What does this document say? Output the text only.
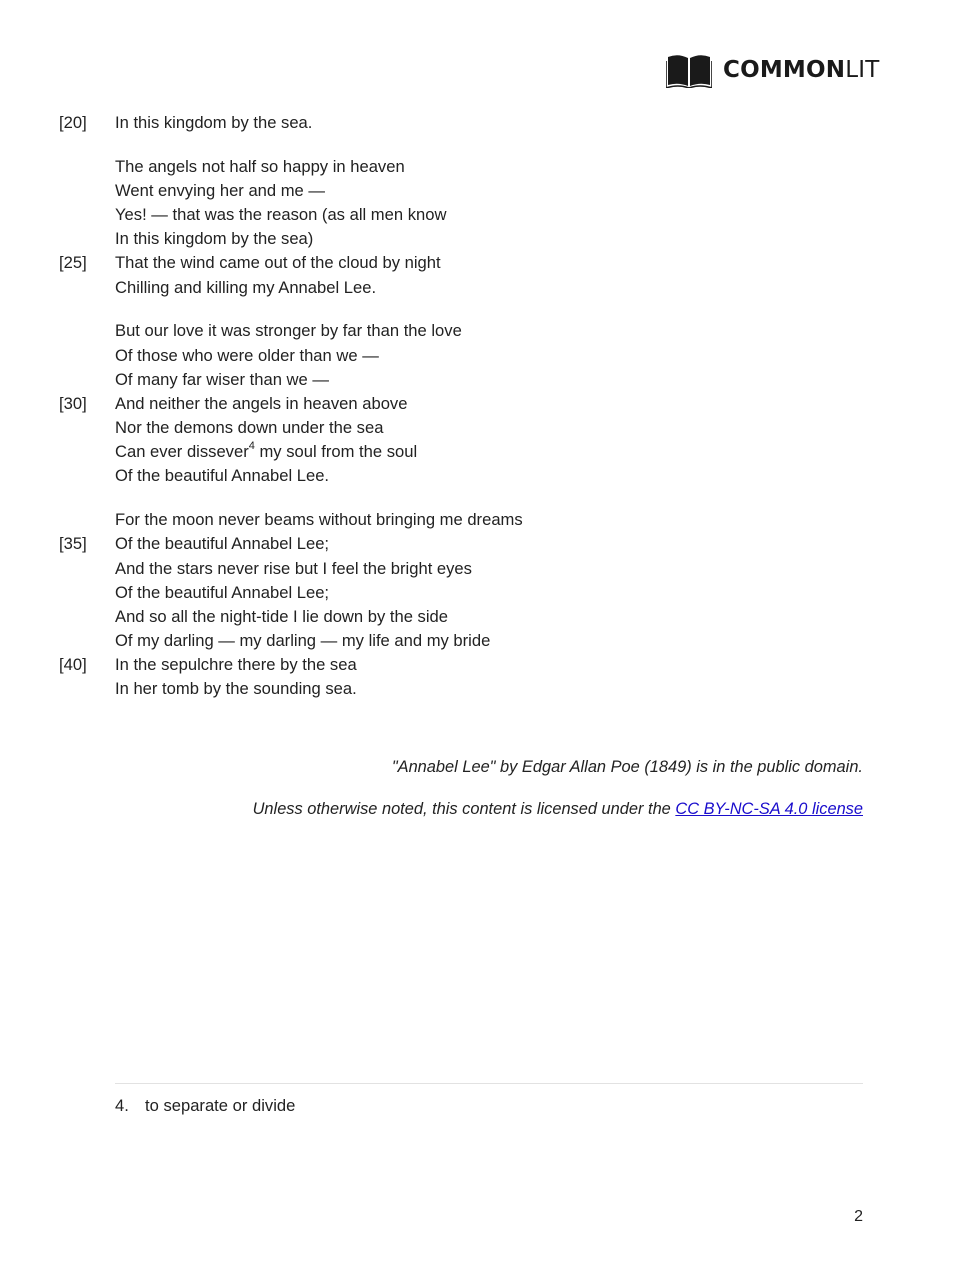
COMMONLIT
[20] In this kingdom by the sea.
The angels not half so happy in heaven
Went envying her and me —
Yes! — that was the reason (as all men know
In this kingdom by the sea)
[25] That the wind came out of the cloud by night
Chilling and killing my Annabel Lee.
But our love it was stronger by far than the love
Of those who were older than we —
Of many far wiser than we —
[30] And neither the angels in heaven above
Nor the demons down under the sea
Can ever dissever$^4$ my soul from the soul
Of the beautiful Annabel Lee.
For the moon never beams without bringing me dreams
[35] Of the beautiful Annabel Lee;
And the stars never rise but I feel the bright eyes
Of the beautiful Annabel Lee;
And so all the night-tide I lie down by the side
Of my darling — my darling — my life and my bride
[40] In the sepulchre there by the sea
In her tomb by the sounding sea.
"Annabel Lee" by Edgar Allan Poe (1849) is in the public domain.
Unless otherwise noted, this content is licensed under the CC BY-NC-SA 4.0 license
4. to separate or divide
2
